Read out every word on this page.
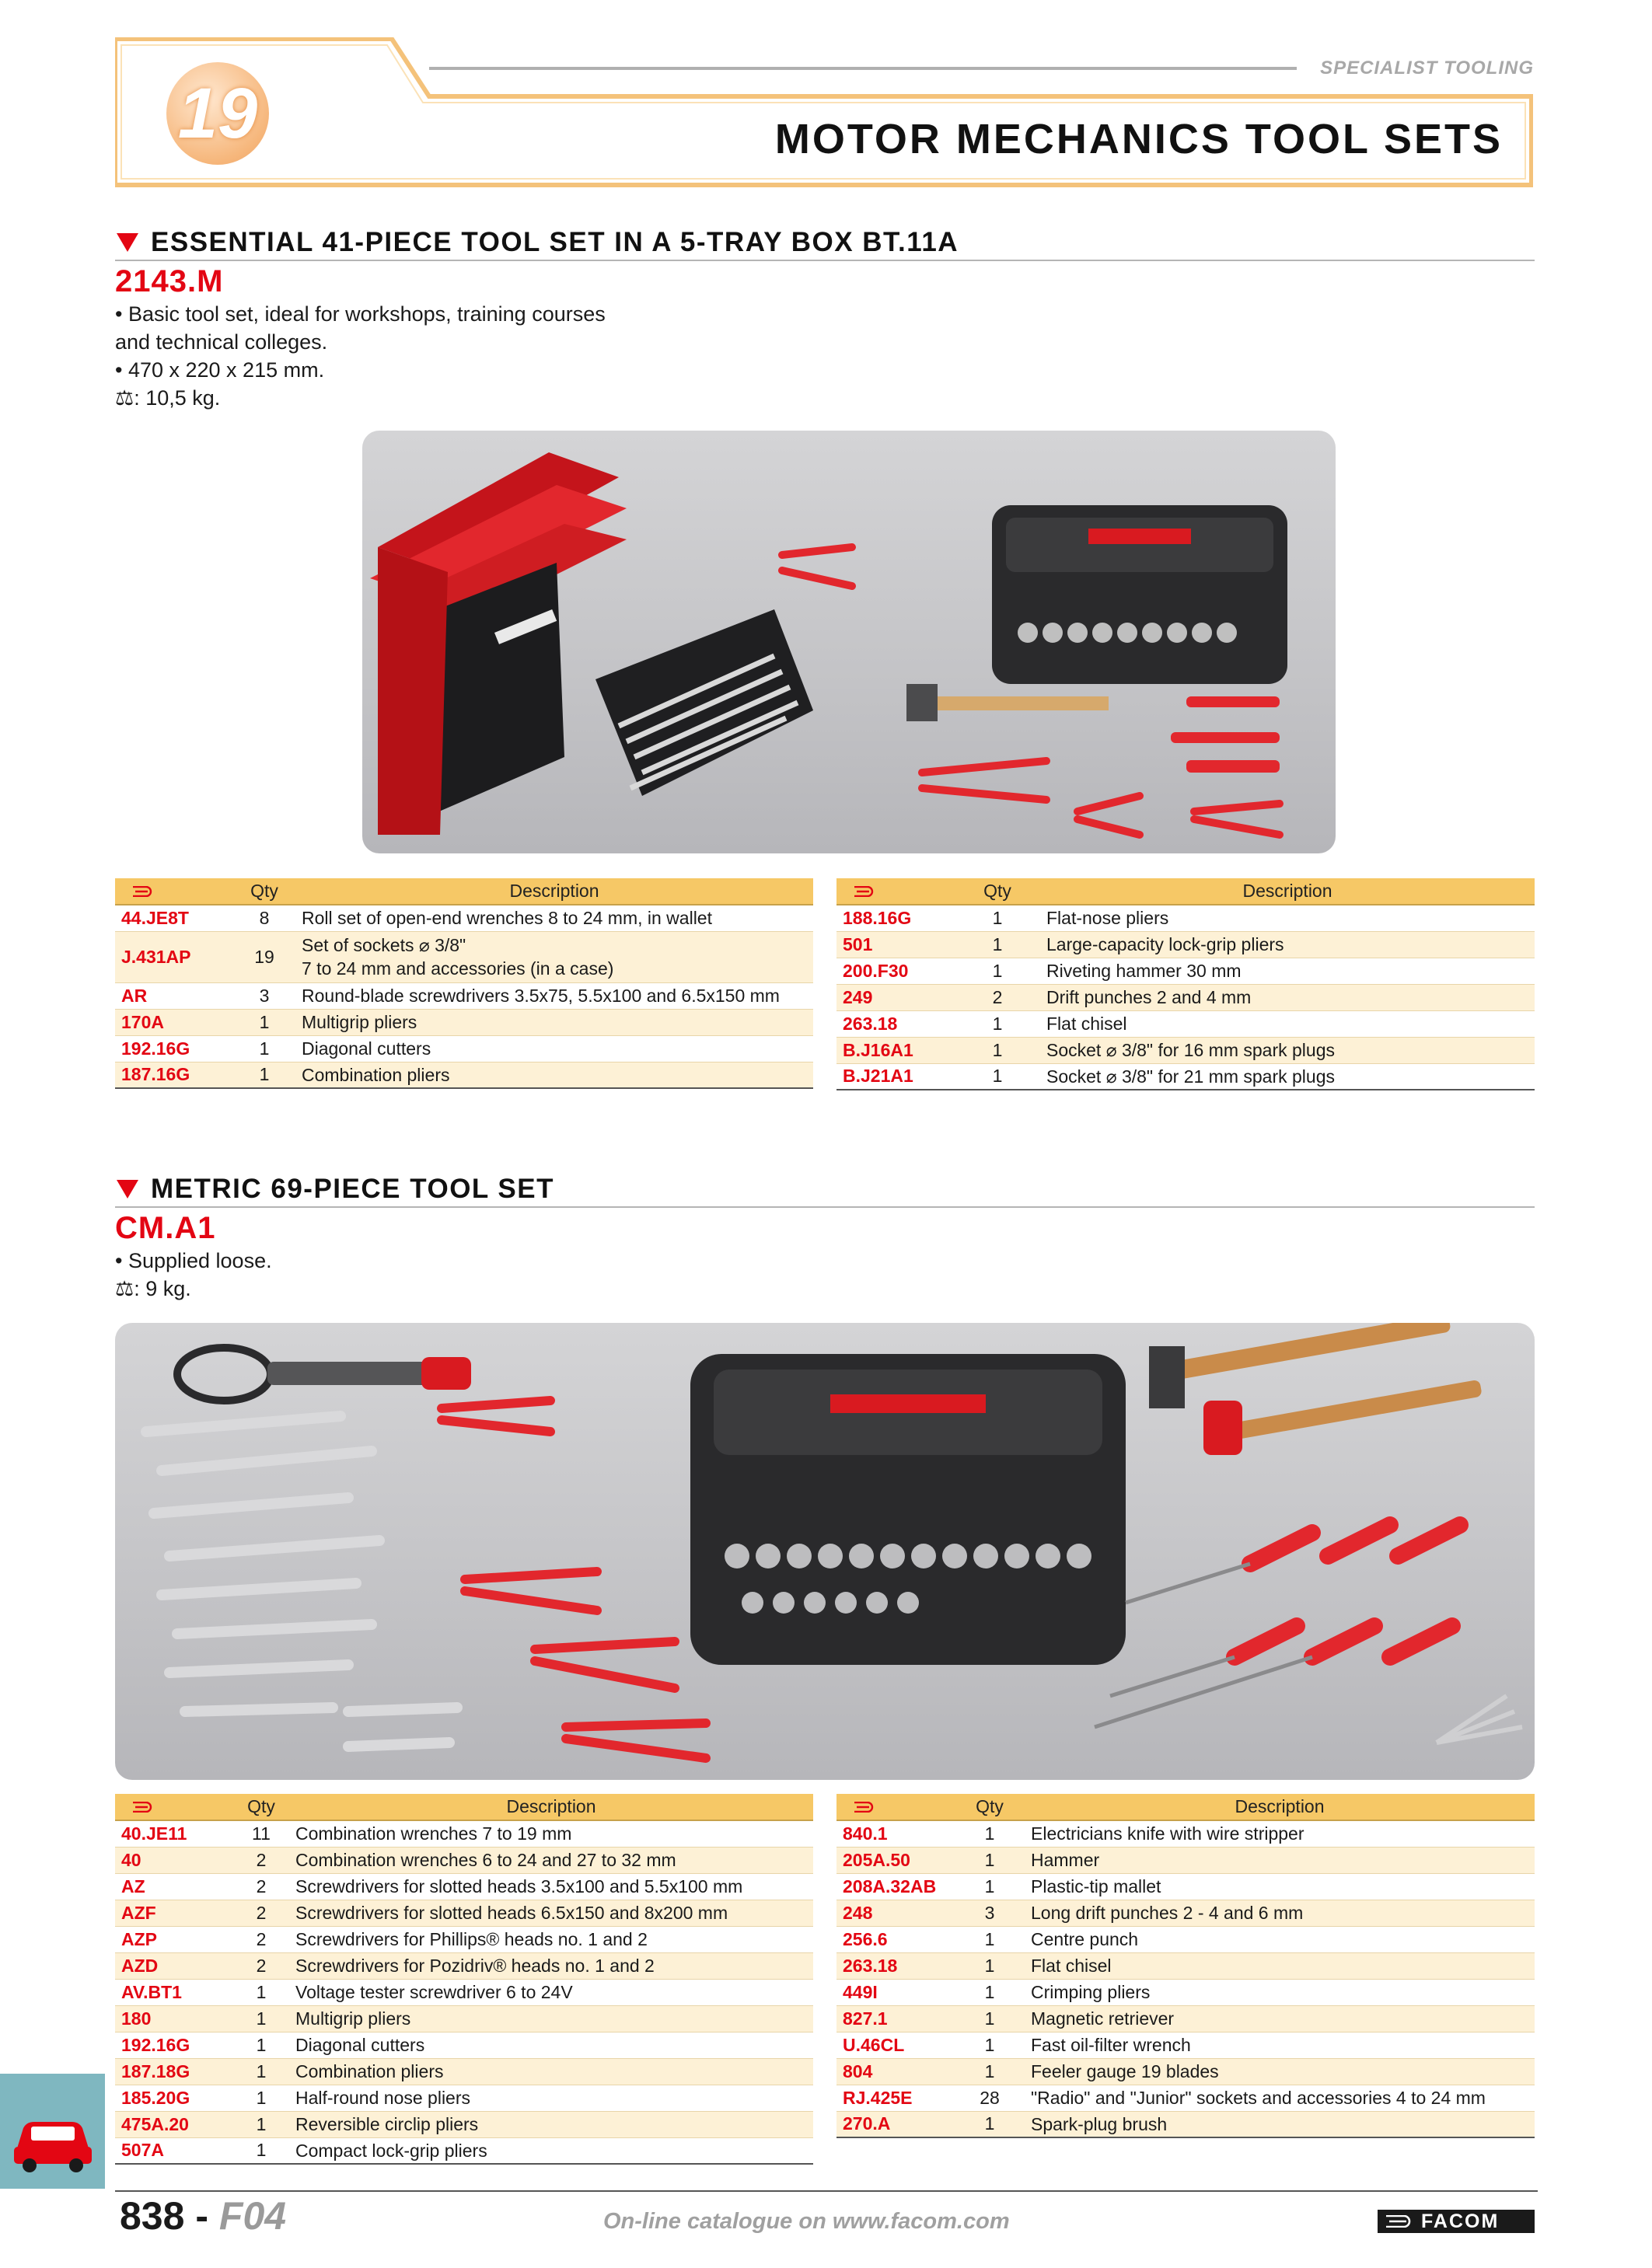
19
SPECIALIST TOOLING
MOTOR MECHANICS TOOL SETS
ESSENTIAL 41-PIECE TOOL SET IN A 5-TRAY BOX BT.11A
2143.M
• Basic tool set, ideal for workshops, training courses
and technical colleges.
• 470 x 220 x 215 mm.
⚖: 10,5 kg.
	Qty	Description
44.JE8T	8	Roll set of open-end wrenches 8 to 24 mm, in wallet
J.431AP	19	Set of sockets ⌀ 3/8"
7 to 24 mm and accessories (in a case)

AR	3	Round-blade screwdrivers 3.5x75, 5.5x100 and 6.5x150 mm
170A	1	Multigrip pliers
192.16G	1	Diagonal cutters
187.16G	1	Combination pliers
	Qty	Description
188.16G	1	Flat-nose pliers
501	1	Large-capacity lock-grip pliers
200.F30	1	Riveting hammer 30 mm
249	2	Drift punches 2 and 4 mm
263.18	1	Flat chisel
B.J16A1	1	Socket ⌀ 3/8" for 16 mm spark plugs
B.J21A1	1	Socket ⌀ 3/8" for 21 mm spark plugs
METRIC 69-PIECE TOOL SET
CM.A1
• Supplied loose.
⚖: 9 kg.
	Qty	Description
40.JE11	11	Combination wrenches 7 to 19 mm
40	2	Combination wrenches 6 to 24 and 27 to 32 mm
AZ	2	Screwdrivers for slotted heads 3.5x100 and 5.5x100 mm
AZF	2	Screwdrivers for slotted heads 6.5x150 and 8x200 mm
AZP	2	Screwdrivers for Phillips® heads no. 1 and 2
AZD	2	Screwdrivers for Pozidriv® heads no. 1 and 2
AV.BT1	1	Voltage tester screwdriver 6 to 24V
180	1	Multigrip pliers
192.16G	1	Diagonal cutters
187.18G	1	Combination pliers
185.20G	1	Half-round nose pliers
475A.20	1	Reversible circlip pliers
507A	1	Compact lock-grip pliers
	Qty	Description
840.1	1	Electricians knife with wire stripper
205A.50	1	Hammer
208A.32AB	1	Plastic-tip mallet
248	3	Long drift punches 2 - 4 and 6 mm
256.6	1	Centre punch
263.18	1	Flat chisel
449I	1	Crimping pliers
827.1	1	Magnetic retriever
U.46CL	1	Fast oil-filter wrench
804	1	Feeler gauge 19 blades
RJ.425E	28	"Radio" and "Junior" sockets and accessories 4 to 24 mm
270.A	1	Spark-plug brush
838 - F04	On-line catalogue on www.facom.com	FACOM
